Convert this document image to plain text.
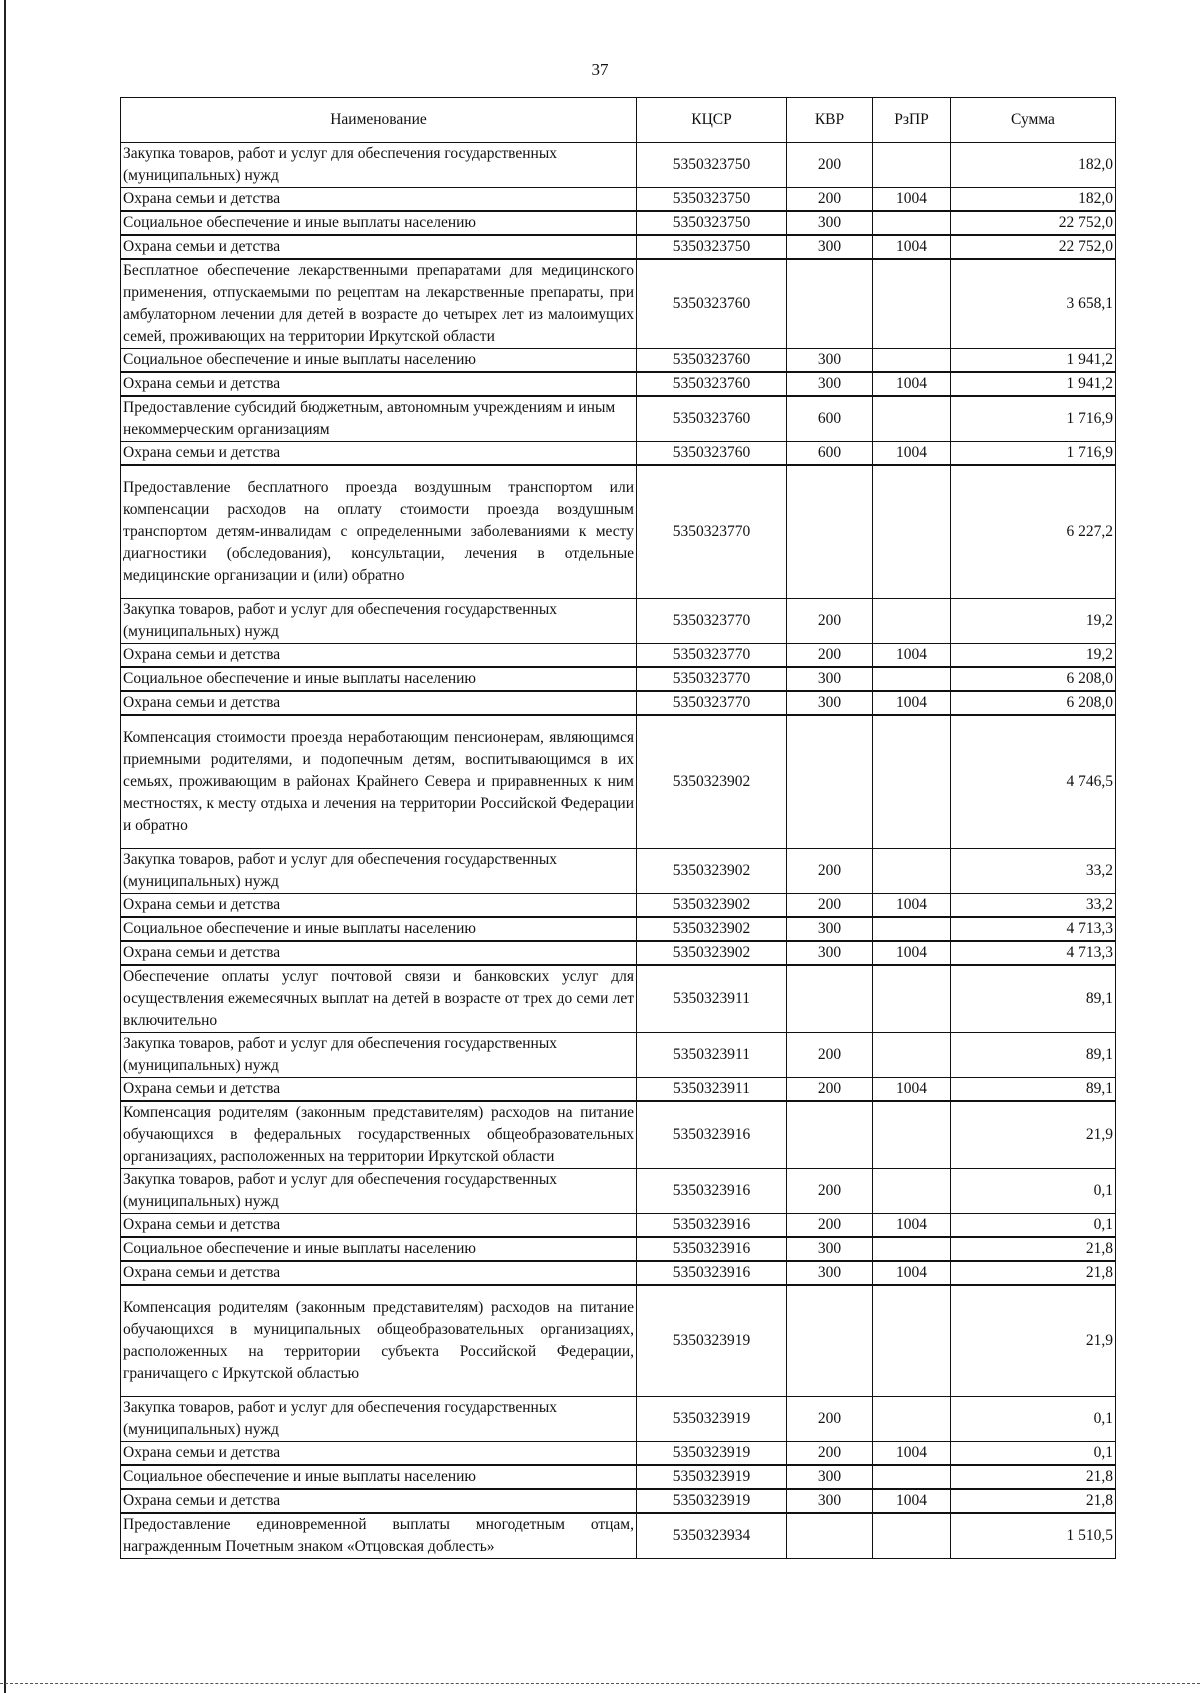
37
Наименование	КЦСР	КВР	РзПР	Сумма
Закупка товаров, работ и услуг для обеспечения государственных (муниципальных) нужд	5350323750	200		182,0
Охрана семьи и детства	5350323750	200	1004	182,0
Социальное обеспечение и иные выплаты населению	5350323750	300		22 752,0
Охрана семьи и детства	5350323750	300	1004	22 752,0
Бесплатное обеспечение лекарственными препаратами для медицинского применения, отпускаемыми по рецептам на лекарственные препараты, при амбулаторном лечении для детей в возрасте до четырех лет из малоимущих семей, проживающих на территории Иркутской области	5350323760			3 658,1
Социальное обеспечение и иные выплаты населению	5350323760	300		1 941,2
Охрана семьи и детства	5350323760	300	1004	1 941,2
Предоставление субсидий бюджетным, автономным учреждениям и иным некоммерческим организациям	5350323760	600		1 716,9
Охрана семьи и детства	5350323760	600	1004	1 716,9
Предоставление бесплатного проезда воздушным транспортом или компенсации расходов на оплату стоимости проезда воздушным транспортом детям-инвалидам с определенными заболеваниями к месту диагностики (обследования), консультации, лечения в отдельные медицинские организации и (или) обратно	5350323770			6 227,2
Закупка товаров, работ и услуг для обеспечения государственных (муниципальных) нужд	5350323770	200		19,2
Охрана семьи и детства	5350323770	200	1004	19,2
Социальное обеспечение и иные выплаты населению	5350323770	300		6 208,0
Охрана семьи и детства	5350323770	300	1004	6 208,0
Компенсация стоимости проезда неработающим пенсионерам, являющимся приемными родителями, и подопечным детям, воспитывающимся в их семьях, проживающим в районах Крайнего Севера и приравненных к ним местностях, к месту отдыха и лечения на территории Российской Федерации и обратно	5350323902			4 746,5
Закупка товаров, работ и услуг для обеспечения государственных (муниципальных) нужд	5350323902	200		33,2
Охрана семьи и детства	5350323902	200	1004	33,2
Социальное обеспечение и иные выплаты населению	5350323902	300		4 713,3
Охрана семьи и детства	5350323902	300	1004	4 713,3
Обеспечение оплаты услуг почтовой связи и банковских услуг для осуществления ежемесячных выплат на детей в возрасте от трех до семи лет включительно	5350323911			89,1
Закупка товаров, работ и услуг для обеспечения государственных (муниципальных) нужд	5350323911	200		89,1
Охрана семьи и детства	5350323911	200	1004	89,1
Компенсация родителям (законным представителям) расходов на питание обучающихся в федеральных государственных общеобразовательных организациях, расположенных на территории Иркутской области	5350323916			21,9
Закупка товаров, работ и услуг для обеспечения государственных (муниципальных) нужд	5350323916	200		0,1
Охрана семьи и детства	5350323916	200	1004	0,1
Социальное обеспечение и иные выплаты населению	5350323916	300		21,8
Охрана семьи и детства	5350323916	300	1004	21,8
Компенсация родителям (законным представителям) расходов на питание обучающихся в муниципальных общеобразовательных организациях, расположенных на территории субъекта Российской Федерации, граничащего с Иркутской областью	5350323919			21,9
Закупка товаров, работ и услуг для обеспечения государственных (муниципальных) нужд	5350323919	200		0,1
Охрана семьи и детства	5350323919	200	1004	0,1
Социальное обеспечение и иные выплаты населению	5350323919	300		21,8
Охрана семьи и детства	5350323919	300	1004	21,8
Предоставление единовременной выплаты многодетным отцам, награжденным Почетным знаком «Отцовская доблесть»	5350323934			1 510,5
